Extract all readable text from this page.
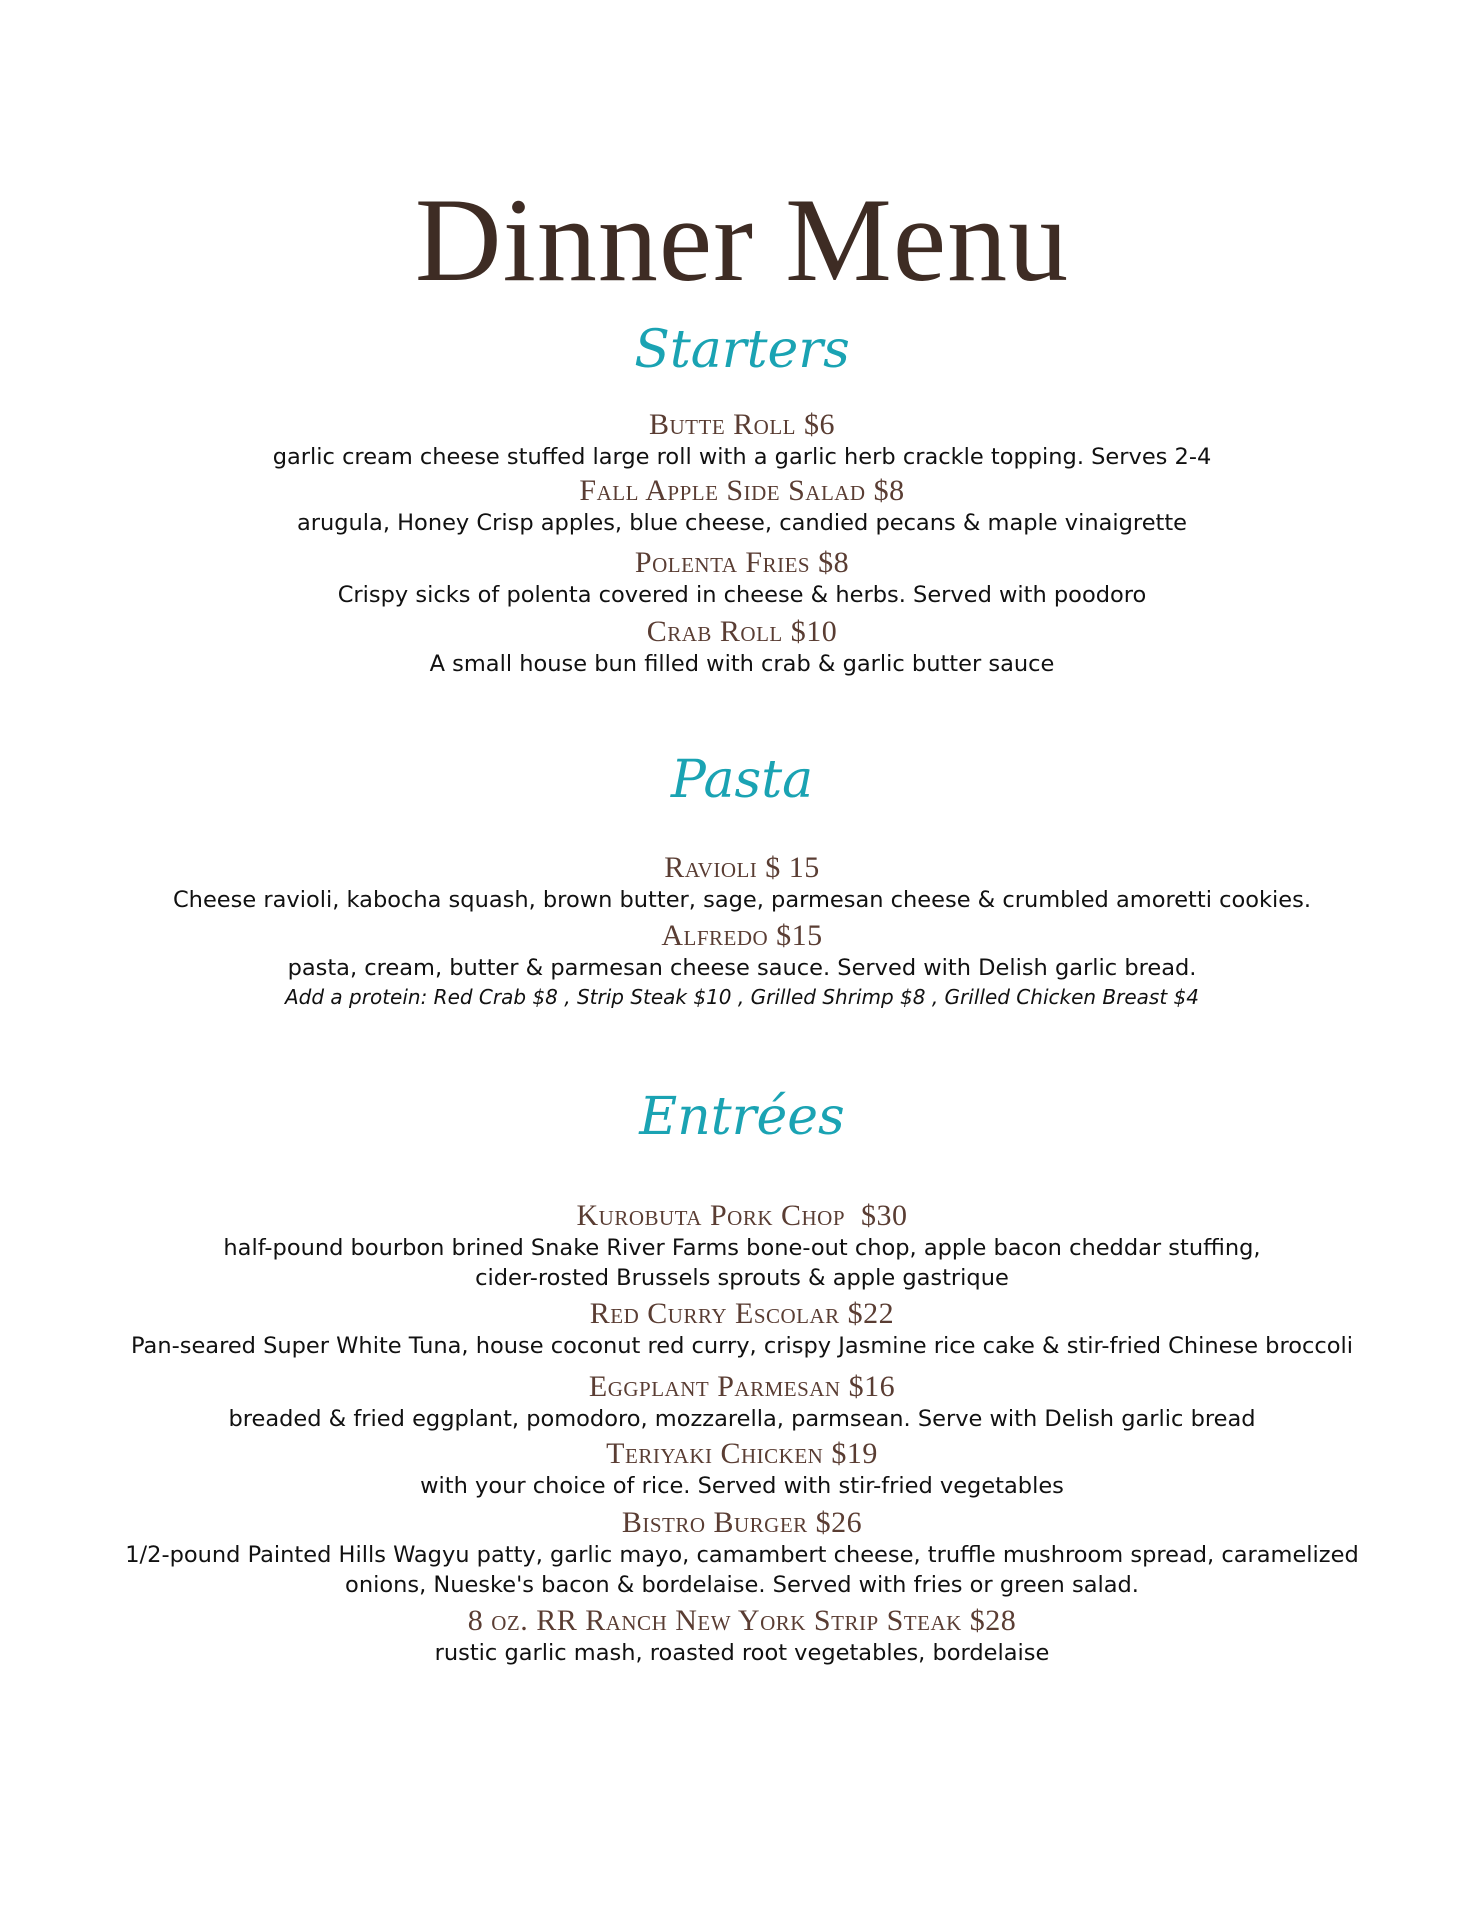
Dinner Menu
Starters
Butte Roll $6
garlic cream cheese stuffed large roll with a garlic herb crackle topping. Serves 2-4
Fall Apple Side Salad $8
arugula, Honey Crisp apples, blue cheese, candied pecans & maple vinaigrette
Polenta Fries $8
Crispy sicks of polenta covered in cheese & herbs. Served with poodoro
Crab Roll $10
A small house bun filled with crab & garlic butter sauce
Pasta
Ravioli $ 15
Cheese ravioli, kabocha squash, brown butter, sage, parmesan cheese & crumbled amoretti cookies.
Alfredo $15
pasta, cream, butter & parmesan cheese sauce. Served with Delish garlic bread.
Add a protein: Red Crab $8 , Strip Steak $10 , Grilled Shrimp $8 , Grilled Chicken Breast $4
Entrées
Kurobuta Pork Chop  $30
half-pound bourbon brined Snake River Farms bone-out chop, apple bacon cheddar stuffing,
cider-rosted Brussels sprouts & apple gastrique
Red Curry Escolar $22
Pan-seared Super White Tuna, house coconut red curry, crispy Jasmine rice cake & stir-fried Chinese broccoli
Eggplant Parmesan $16
breaded & fried eggplant, pomodoro, mozzarella, parmsean. Serve with Delish garlic bread
Teriyaki Chicken $19
with your choice of rice. Served with stir-fried vegetables
Bistro Burger $26
1/2-pound Painted Hills Wagyu patty, garlic mayo, camambert cheese, truffle mushroom spread, caramelized
onions, Nueske's bacon & bordelaise. Served with fries or green salad.
8 oz. RR Ranch New York Strip Steak $28
rustic garlic mash, roasted root vegetables, bordelaise
